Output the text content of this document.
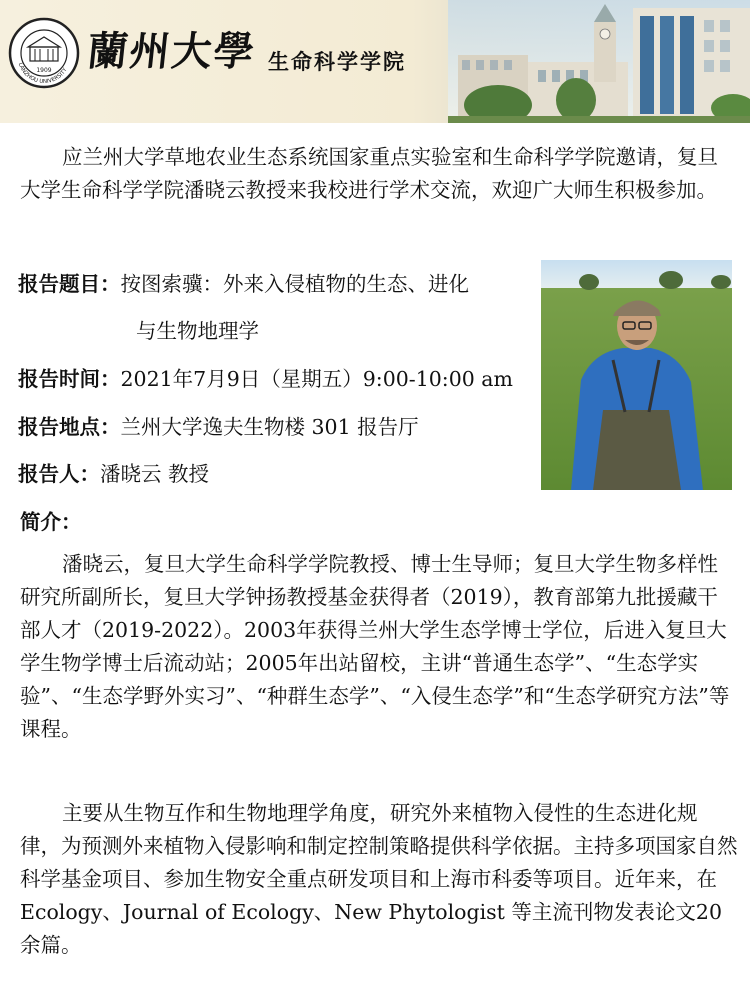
1909
LANZHOU UNIVERSITY 蘭州大學 生命科学学院

应兰州大学草地农业生态系统国家重点实验室和生命科学学院邀请，复旦大学生命科学学院潘晓云教授来我校进行学术交流，欢迎广大师生积极参加。

报告题目：按图索骥：外来入侵植物的生态、进化
与生物地理学
报告时间：2021年7月9日（星期五）9:00-10:00 am
报告地点：兰州大学逸夫生物楼 301 报告厅
报告人：潘晓云 教授
简介：

潘晓云，复旦大学生命科学学院教授、博士生导师；复旦大学生物多样性研究所副所长，复旦大学钟扬教授基金获得者（2019），教育部第九批援藏干部人才（2019-2022）。2003年获得兰州大学生态学博士学位，后进入复旦大学生物学博士后流动站；2005年出站留校，主讲“普通生态学”、“生态学实验”、“生态学野外实习”、“种群生态学”、“入侵生态学”和“生态学研究方法”等课程。

主要从生物互作和生物地理学角度，研究外来植物入侵性的生态进化规律，为预测外来植物入侵影响和制定控制策略提供科学依据。主持多项国家自然科学基金项目、参加生物安全重点研发项目和上海市科委等项目。近年来，在 Ecology、Journal of Ecology、New Phytologist 等主流刊物发表论文20余篇。
